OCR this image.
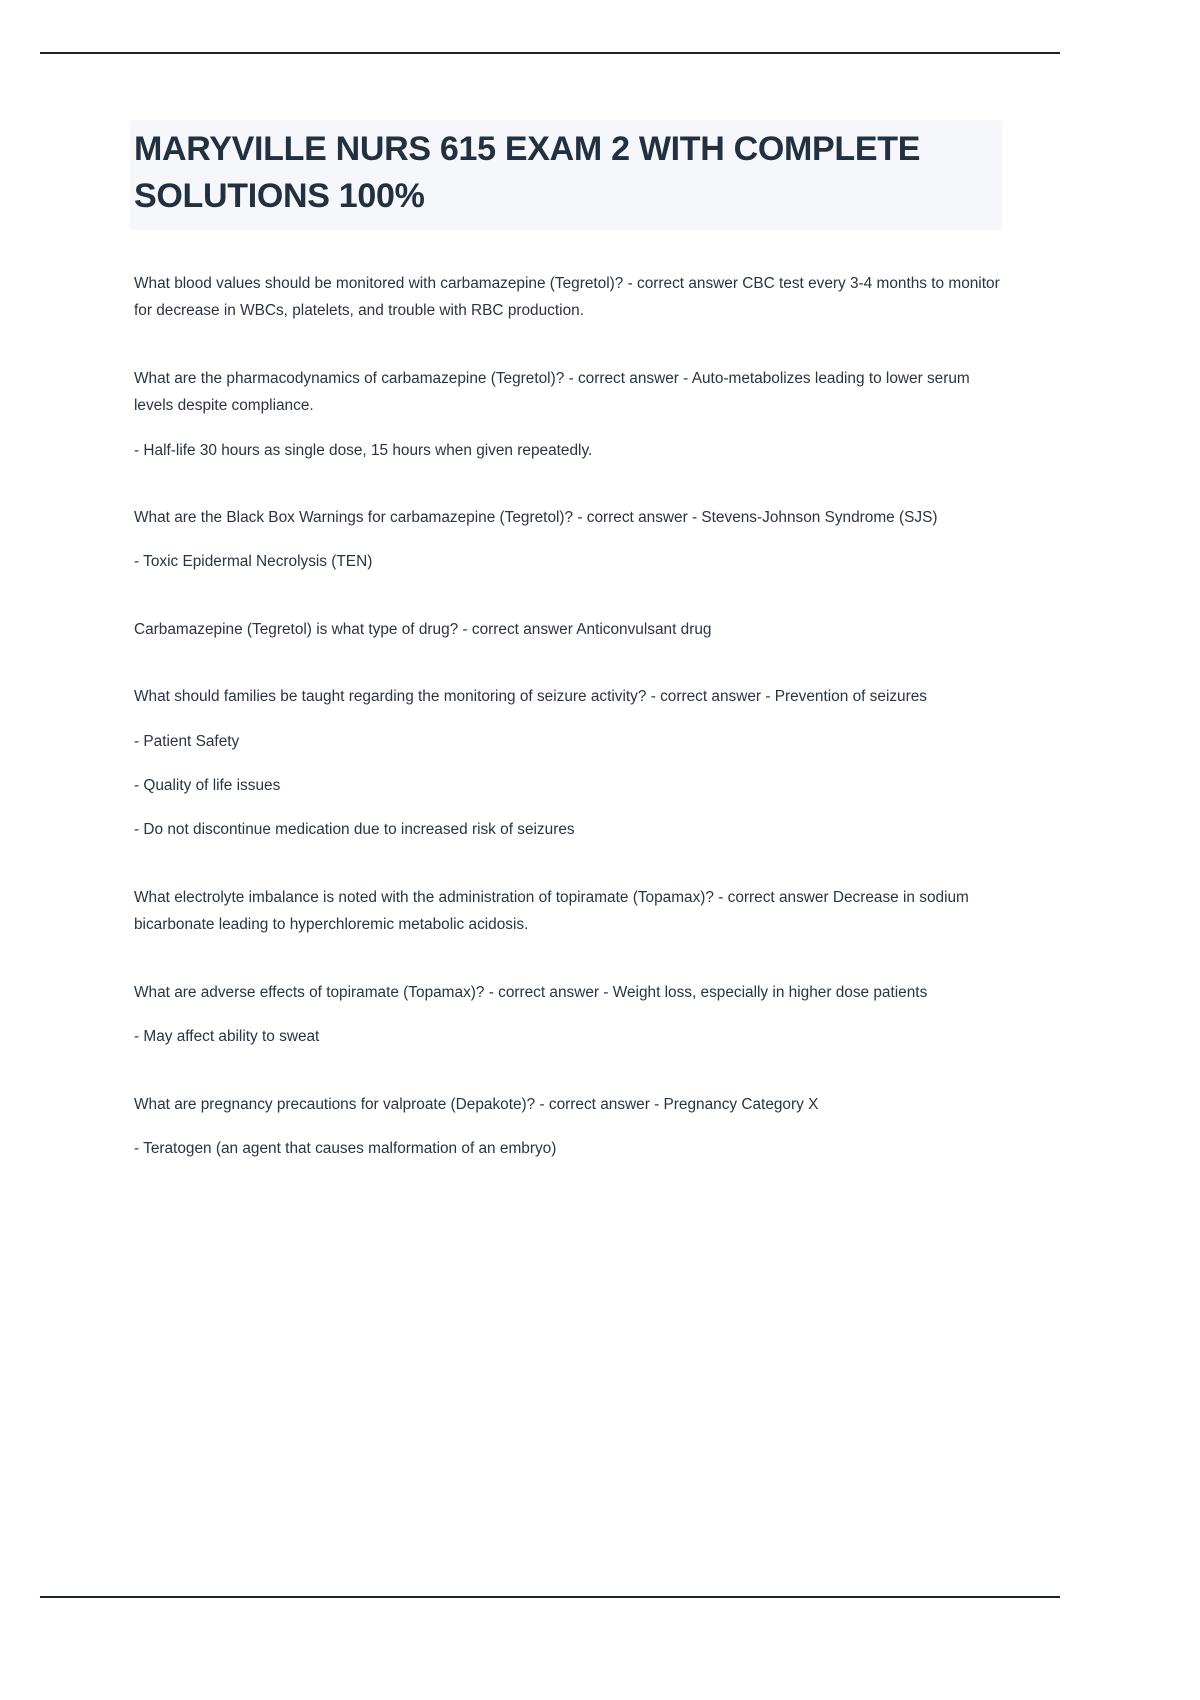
MARYVILLE NURS 615 EXAM 2 WITH COMPLETE SOLUTIONS 100%

What blood values should be monitored with carbamazepine (Tegretol)? - correct answer CBC test every 3-4 months to monitor for decrease in WBCs, platelets, and trouble with RBC production.

What are the pharmacodynamics of carbamazepine (Tegretol)? - correct answer - Auto-metabolizes leading to lower serum levels despite compliance.

- Half-life 30 hours as single dose, 15 hours when given repeatedly.

What are the Black Box Warnings for carbamazepine (Tegretol)? - correct answer - Stevens-Johnson Syndrome (SJS)

- Toxic Epidermal Necrolysis (TEN)

Carbamazepine (Tegretol) is what type of drug? - correct answer Anticonvulsant drug

What should families be taught regarding the monitoring of seizure activity? - correct answer - Prevention of seizures

- Patient Safety

- Quality of life issues

- Do not discontinue medication due to increased risk of seizures

What electrolyte imbalance is noted with the administration of topiramate (Topamax)? - correct answer Decrease in sodium bicarbonate leading to hyperchloremic metabolic acidosis.

What are adverse effects of topiramate (Topamax)? - correct answer - Weight loss, especially in higher dose patients

- May affect ability to sweat

What are pregnancy precautions for valproate (Depakote)? - correct answer - Pregnancy Category X

- Teratogen (an agent that causes malformation of an embryo)
